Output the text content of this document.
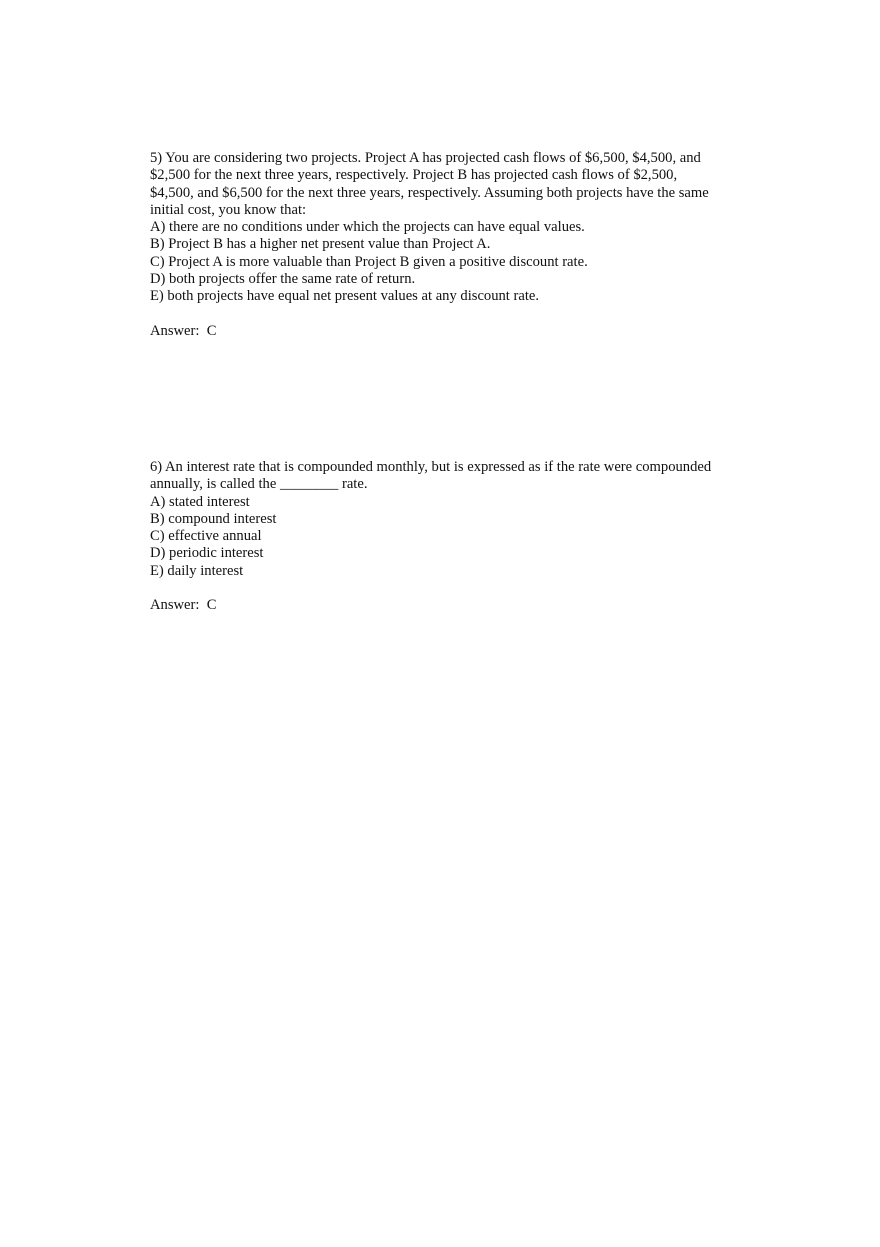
5) You are considering two projects. Project A has projected cash flows of $6,500, $4,500, and
$2,500 for the next three years, respectively. Project B has projected cash flows of $2,500,
$4,500, and $6,500 for the next three years, respectively. Assuming both projects have the same
initial cost, you know that:
A) there are no conditions under which the projects can have equal values.
B) Project B has a higher net present value than Project A.
C) Project A is more valuable than Project B given a positive discount rate.
D) both projects offer the same rate of return.
E) both projects have equal net present values at any discount rate.
Answer:  C
6) An interest rate that is compounded monthly, but is expressed as if the rate were compounded
annually, is called the ________ rate.
A) stated interest
B) compound interest
C) effective annual
D) periodic interest
E) daily interest
Answer:  C
